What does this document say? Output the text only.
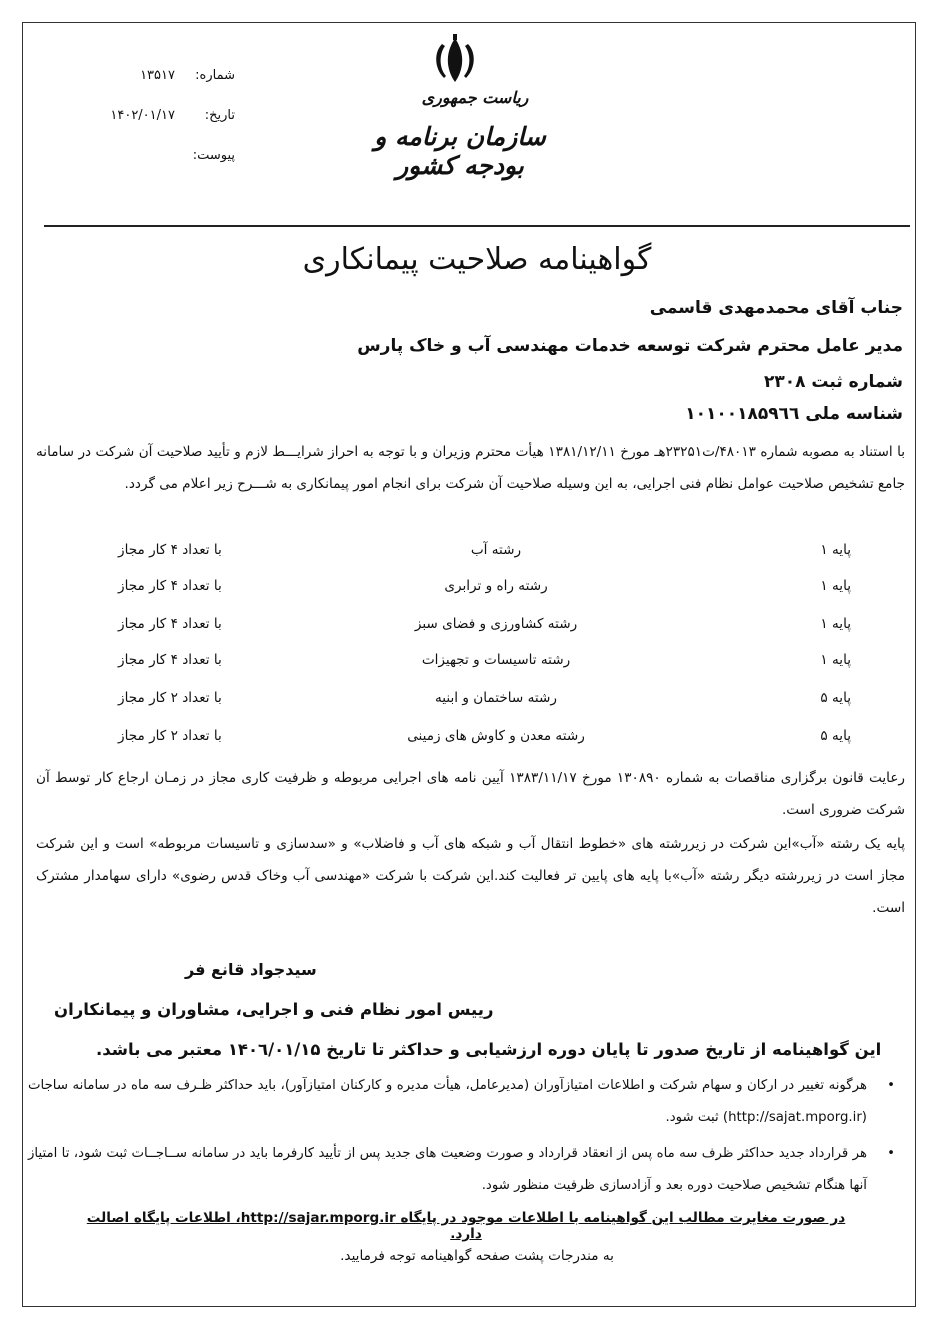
شماره:
۱۳۵۱۷
تاریخ:
۱۴۰۲/۰۱/۱۷
پیوست:
ریاست جمهوری
سازمان برنامه و بودجه کشور
گواهینامه صلاحیت پیمانکاری
جناب آقای محمدمهدی قاسمی
مدیر عامل محترم شرکت توسعه خدمات مهندسی آب و خاک پارس
شماره ثبت ۲۳۰۸
شناسه ملی ۱۰۱۰۰۱۸۵۹٦٦
با استناد به مصوبه شماره ۴۸۰۱۳/ت۲۳۲۵۱هـ مورخ ۱۳۸۱/۱۲/۱۱ هیأت محترم وزیران و با توجه به احراز شرایـــط لازم و تأیید صلاحیت آن شرکت در سامانه جامع تشخیص صلاحیت عوامل نظام فنی اجرایی، به این وسیله صلاحیت آن شرکت برای انجام امور پیمانکاری به شـــرح زیر اعلام می گردد.
پایه ۱
رشته آب
با تعداد ۴ کار مجاز
پایه ۱
رشته راه و ترابری
با تعداد ۴ کار مجاز
پایه ۱
رشته کشاورزی و فضای سبز
با تعداد ۴ کار مجاز
پایه ۱
رشته تاسیسات و تجهیزات
با تعداد ۴ کار مجاز
پایه ۵
رشته ساختمان و ابنیه
با تعداد ۲ کار مجاز
پایه ۵
رشته معدن و کاوش های زمینی
با تعداد ۲ کار مجاز
رعایت قانون برگزاری مناقصات به شماره ۱۳۰۸۹۰ مورخ ۱۳۸۳/۱۱/۱۷ آیین نامه های اجرایی مربوطه و ظرفیت کاری مجاز در زمـان ارجاع کار توسط آن شرکت ضروری است.
پایه یک رشته «آب»این شرکت در زیررشته های «خطوط انتقال آب و شبکه های آب و فاضلاب» و «سدسازی و تاسیسات مربوطه» است و این شرکت مجاز است در زیررشته دیگر رشته «آب»با پایه های پایین تر فعالیت کند.این شرکت با شرکت «مهندسی آب وخاک قدس رضوی» دارای سهامدار مشترک است.
سیدجواد قانع فر
رییس امور نظام فنی و اجرایی، مشاوران و پیمانکاران
این گواهینامه از تاریخ صدور تا پایان دوره ارزشیابی و حداکثر تا تاریخ ۱۴۰٦/۰۱/۱۵ معتبر می باشد.
•
هرگونه تغییر در ارکان و سهام شرکت و اطلاعات امتیازآوران (مدیرعامل، هیأت مدیره و کارکنان امتیازآور)، باید حداکثر ظـرف سه ماه در سامانه ساجات (http://sajat.mporg.ir) ثبت شود.
•
هر قرارداد جدید حداکثر ظرف سه ماه پس از انعقاد قرارداد و صورت وضعیت های جدید پس از تأیید کارفرما باید در سامانه ســاجــات ثبت شود، تا امتیاز آنها هنگام تشخیص صلاحیت دوره بعد و آزادسازی ظرفیت منظور شود.
در صورت مغایرت مطالب این گواهینامه با اطلاعات موجود در پایگاه http://sajar.mporg.ir، اطلاعات پایگاه اصالت دارد.
به مندرجات پشت صفحه گواهینامه توجه فرمایید.
